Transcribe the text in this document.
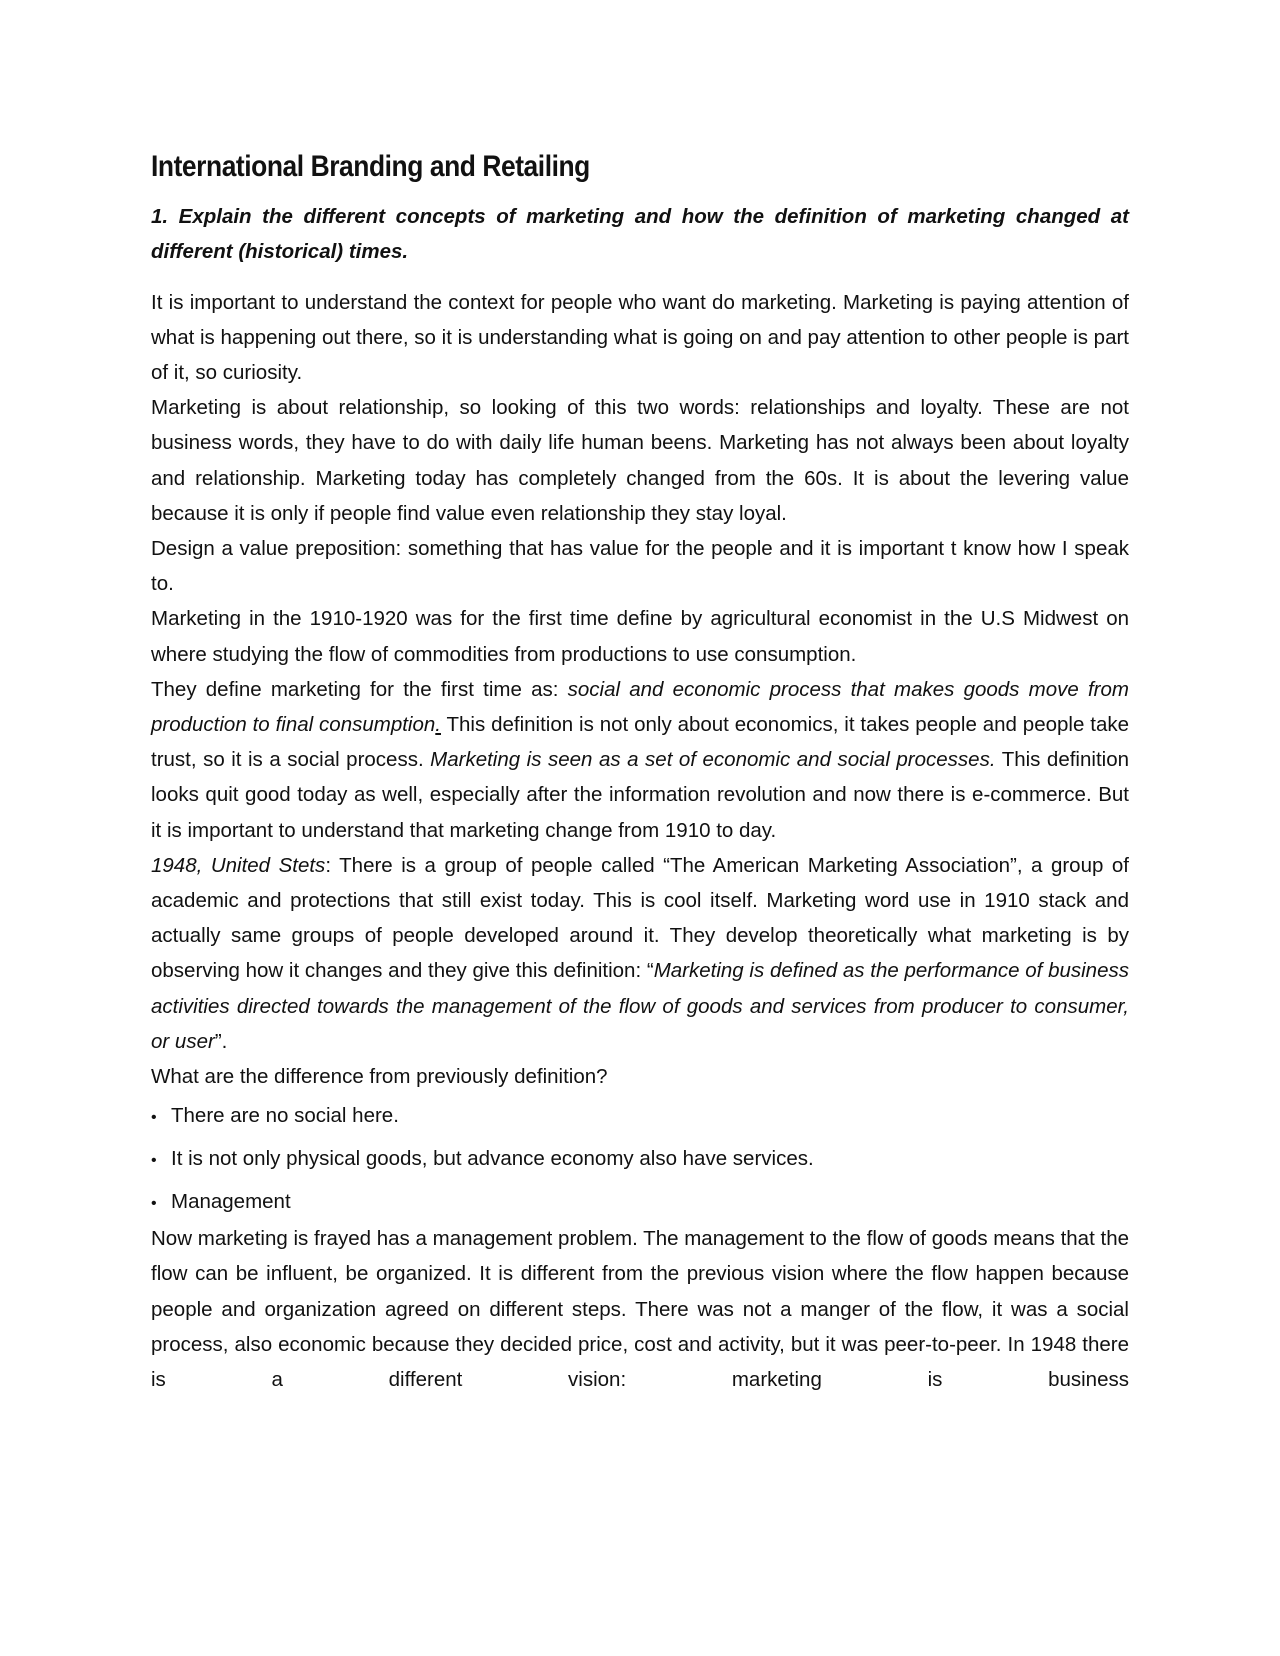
International Branding and Retailing

1. Explain the different concepts of marketing and how the definition of marketing changed at different (historical) times.

It is important to understand the context for people who want do marketing. Marketing is paying attention of what is happening out there, so it is understanding what is going on and pay attention to other people is part of it, so curiosity.

Marketing is about relationship, so looking of this two words: relationships and loyalty. These are not business words, they have to do with daily life human beens. Marketing has not always been about loyalty and relationship. Marketing today has completely changed from the 60s. It is about the levering value because it is only if people find value even relationship they stay loyal.

Design a value preposition: something that has value for the people and it is important t know how I speak to.

Marketing in the 1910-1920 was for the first time define by agricultural economist in the U.S Midwest on where studying the flow of commodities from productions to use consumption.

They define marketing for the first time as: social and economic process that makes goods move from production to final consumption. This definition is not only about economics, it takes people and people take trust, so it is a social process. Marketing is seen as a set of economic and social processes. This definition looks quit good today as well, especially after the information revolution and now there is e-commerce. But it is important to understand that marketing change from 1910 to day.

1948, United Stets: There is a group of people called “The American Marketing Association”, a group of academic and protections that still exist today. This is cool itself. Marketing word use in 1910 stack and actually same groups of people developed around it. They develop theoretically what marketing is by observing how it changes and they give this definition: “Marketing is defined as the performance of business activities directed towards the management of the flow of goods and services from producer to consumer, or user”.

What are the difference from previously definition?

• There are no social here.
• It is not only physical goods, but advance economy also have services.
• Management

Now marketing is frayed has a management problem. The management to the flow of goods means that the flow can be influent, be organized. It is different from the previous vision where the flow happen because people and organization agreed on different steps. There was not a manger of the flow, it was a social process, also economic because they decided price, cost and activity, but it was peer-to-peer. In 1948 there is a different vision: marketing is business
